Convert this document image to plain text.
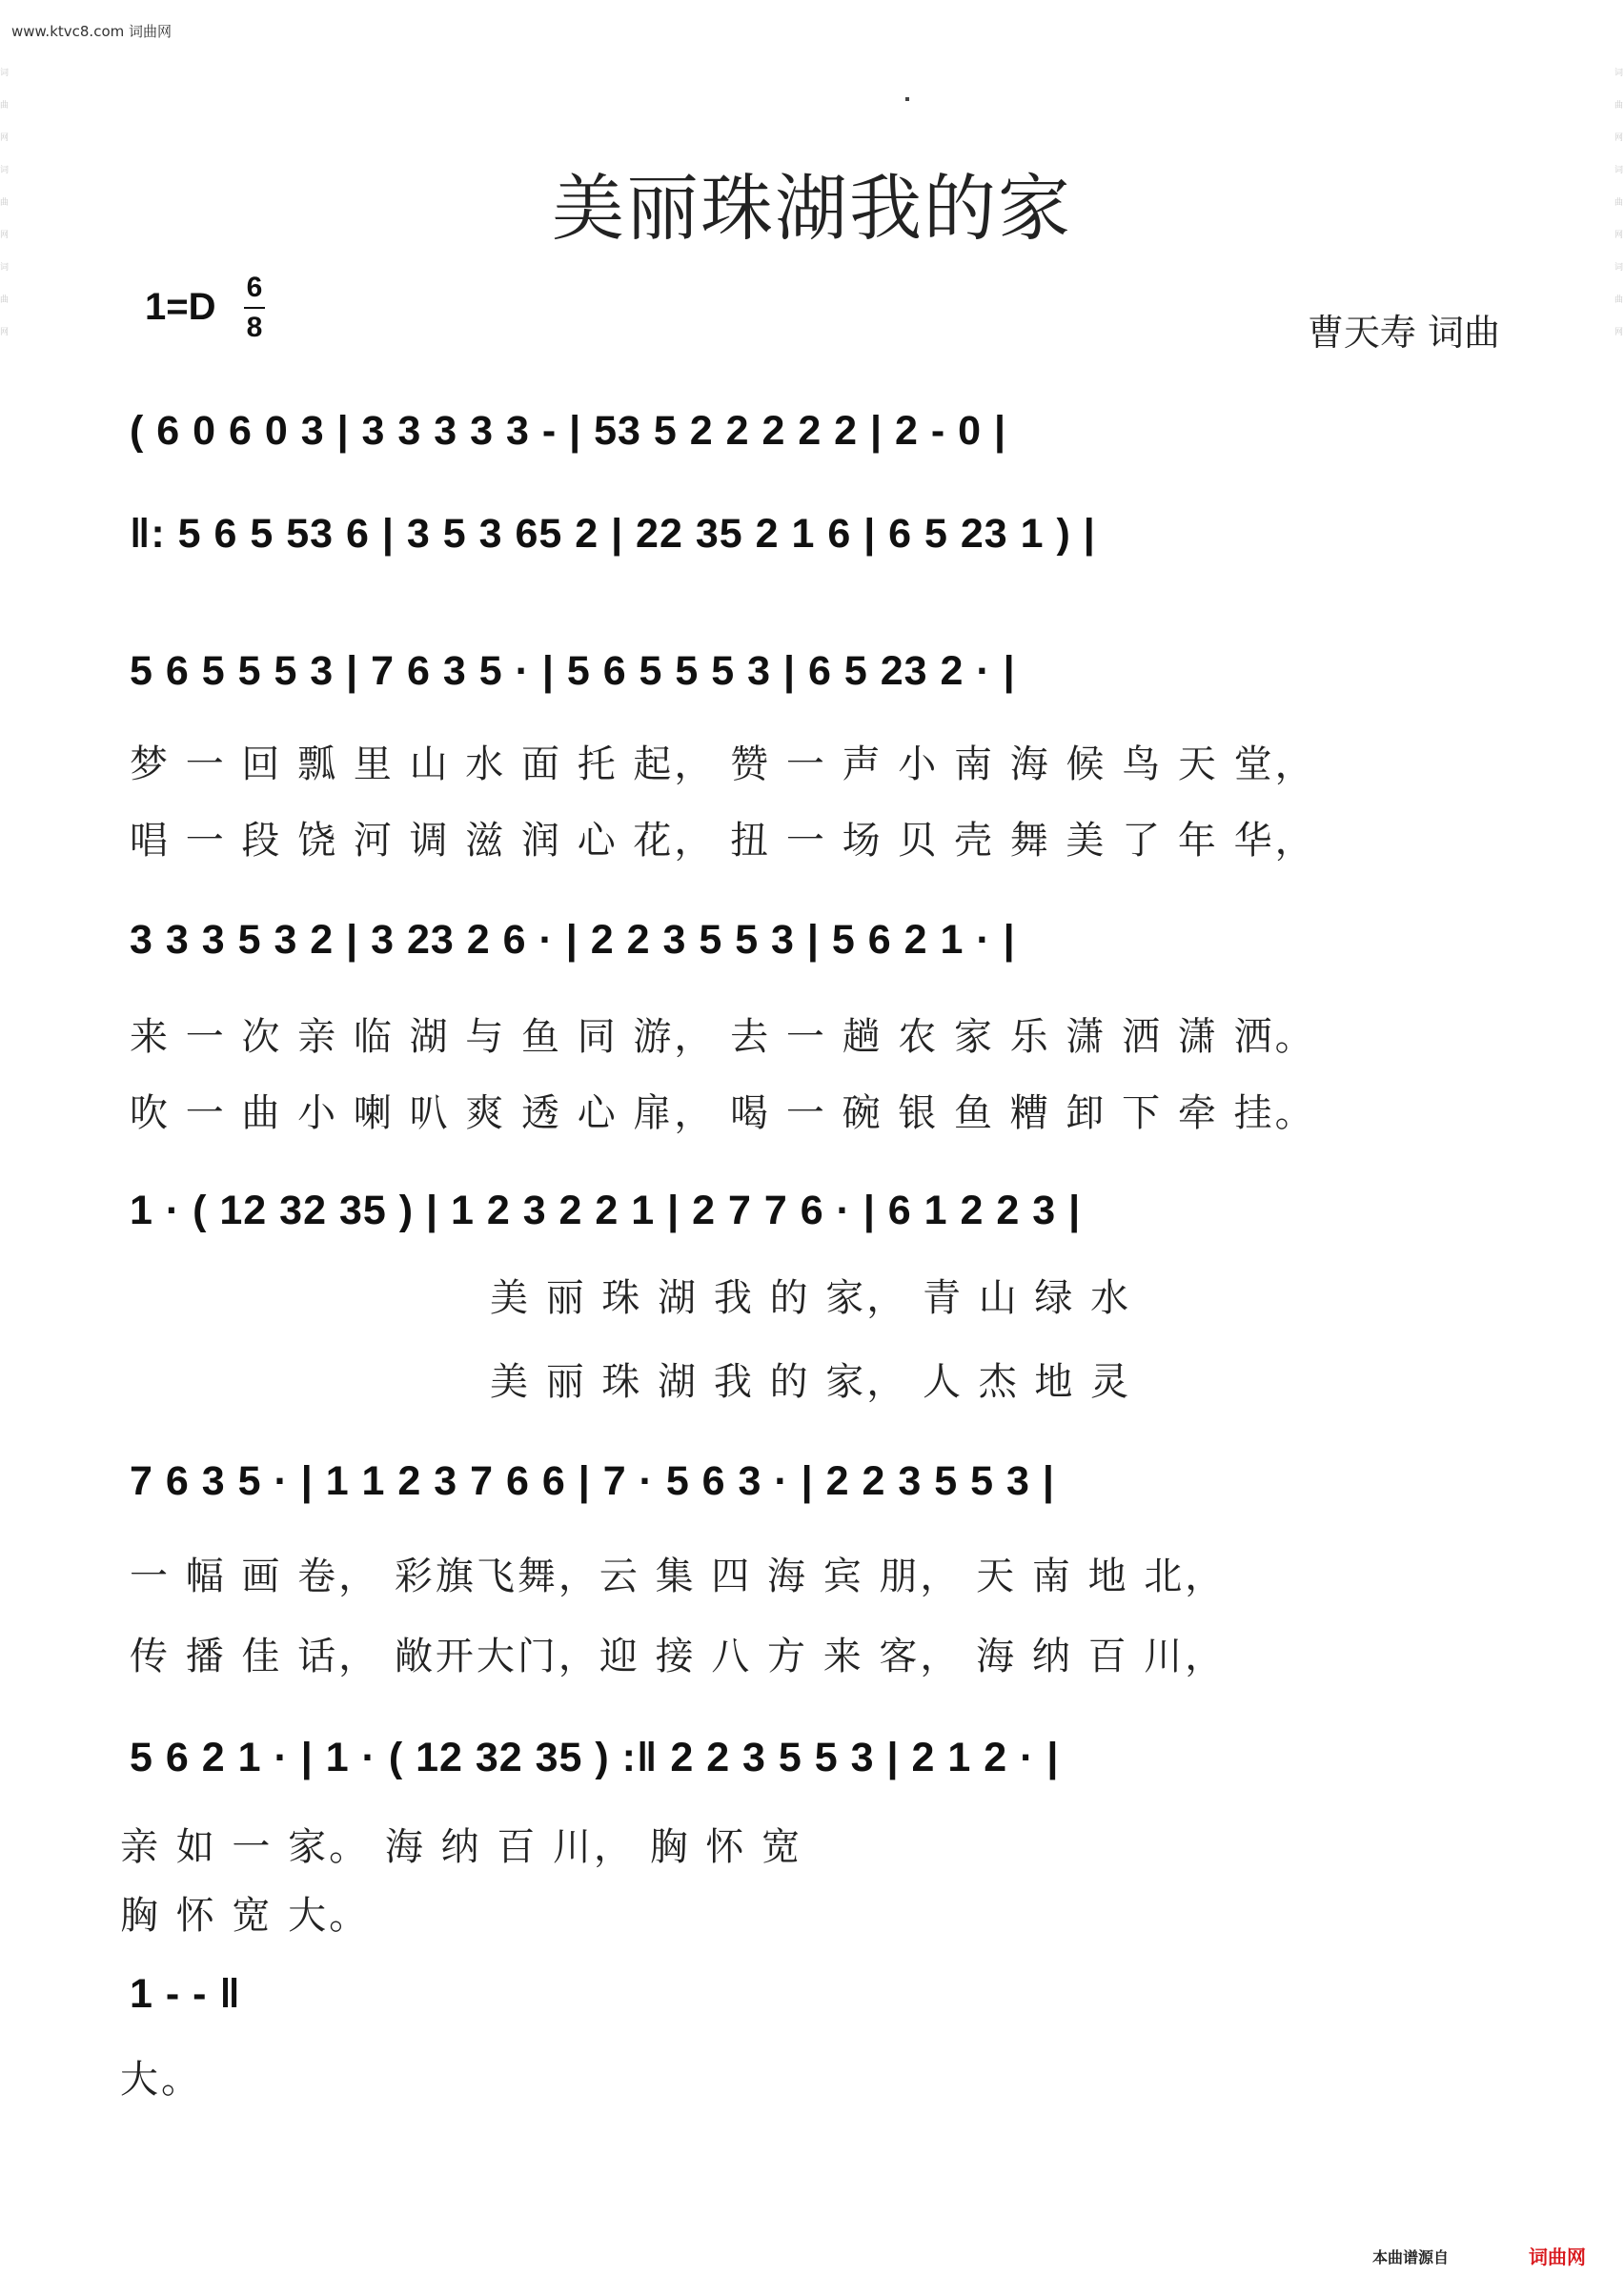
www.ktvc8.com 词曲网
词曲网 词曲网 词曲网
词曲网 词曲网 词曲网
美丽珠湖我的家
1=D 6
8	曹天寿 词曲
( 6 0 6 0 3 | 3 3 3 3 3 - | 53 5 2 2 2 2 2 | 2 - 0 |
‖: 5 6 5 53 6 | 3 5 3 65 2 | 22 35 2 1 6 | 6 5 23 1 ) |
5 6 5 5 5 3 | 7 6 3 5 · | 5 6 5 5 5 3 | 6 5 23 2 · |
梦 一 回 瓢 里 山 水 面 托 起， 赞 一 声 小 南 海 候 鸟 天 堂，
唱 一 段 饶 河 调 滋 润 心 花， 扭 一 场 贝 壳 舞 美 了 年 华，
3 3 3 5 3 2 | 3 23 2 6 · | 2 2 3 5 5 3 | 5 6 2 1 · |
来 一 次 亲 临 湖 与 鱼 同 游， 去 一 趟 农 家 乐 潇 洒 潇 洒。
吹 一 曲 小 喇 叭 爽 透 心 扉， 喝 一 碗 银 鱼 糟 卸 下 牵 挂。
1 · ( 12 32 35 ) | 1 2 3 2 2 1 | 2 7 7 6 · | 6 1 2 2 3 |
美 丽 珠 湖 我 的 家， 青 山 绿 水
美 丽 珠 湖 我 的 家， 人 杰 地 灵
7 6 3 5 · | 1 1 2 3 7 6 6 | 7 · 5 6 3 · | 2 2 3 5 5 3 |
一 幅 画 卷， 彩旗飞舞，云 集 四 海 宾 朋， 天 南 地 北，
传 播 佳 话， 敞开大门，迎 接 八 方 来 客， 海 纳 百 川，
5 6 2 1 · | 1 · ( 12 32 35 ) :‖ 2 2 3 5 5 3 | 2 1 2 · |
亲 如 一 家。 海 纳 百 川， 胸 怀 宽
胸 怀 宽 大。
1 - - ‖
大。
本曲谱源自	词曲网
